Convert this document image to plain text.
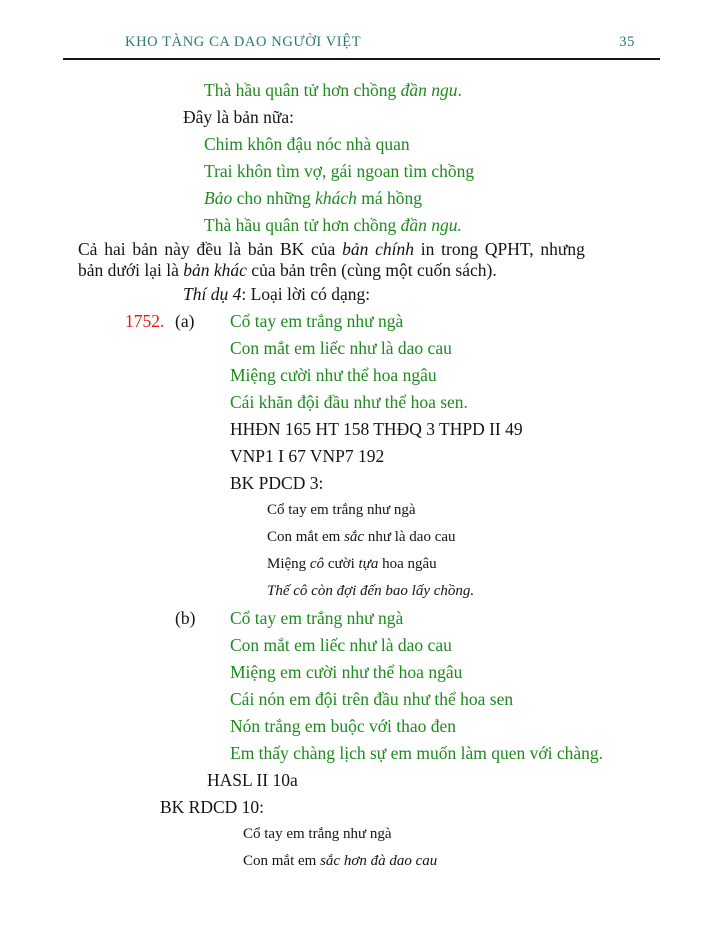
KHO TÀNG CA DAO NGƯỜI VIỆT	35
Thà hầu quân tử hơn chồng đần ngu.
Đây là bản nữa:
Chim khôn đậu nóc nhà quan
Trai khôn tìm vợ, gái ngoan tìm chồng
Bảo cho những khách má hồng
Thà hầu quân tử hơn chồng đần ngu.
Cả hai bản này đều là bản BK của bản chính in trong QPHT, nhưng
bản dưới lại là bản khác của bản trên (cùng một cuốn sách).
Thí dụ 4: Loại lời có dạng:
1752. (a) Cổ tay em trắng như ngà
Con mắt em liếc như là dao cau
Miệng cười như thể hoa ngâu
Cái khăn đội đầu như thể hoa sen.
HHĐN 165 HT 158 THĐQ 3 THPD II 49
VNP1 I 67 VNP7 192
BK PDCD 3:
Cổ tay em trắng như ngà
Con mắt em sắc như là dao cau
Miệng cô cười tựa hoa ngâu
Thế cô còn đợi đến bao lấy chồng.
(b) Cổ tay em trắng như ngà
Con mắt em liếc như là dao cau
Miệng em cười như thể hoa ngâu
Cái nón em đội trên đầu như thể hoa sen
Nón trắng em buộc với thao đen
Em thấy chàng lịch sự em muốn làm quen với chàng.
HASL II 10a
BK RDCD 10:
Cổ tay em trắng như ngà
Con mắt em sắc hơn đà dao cau
